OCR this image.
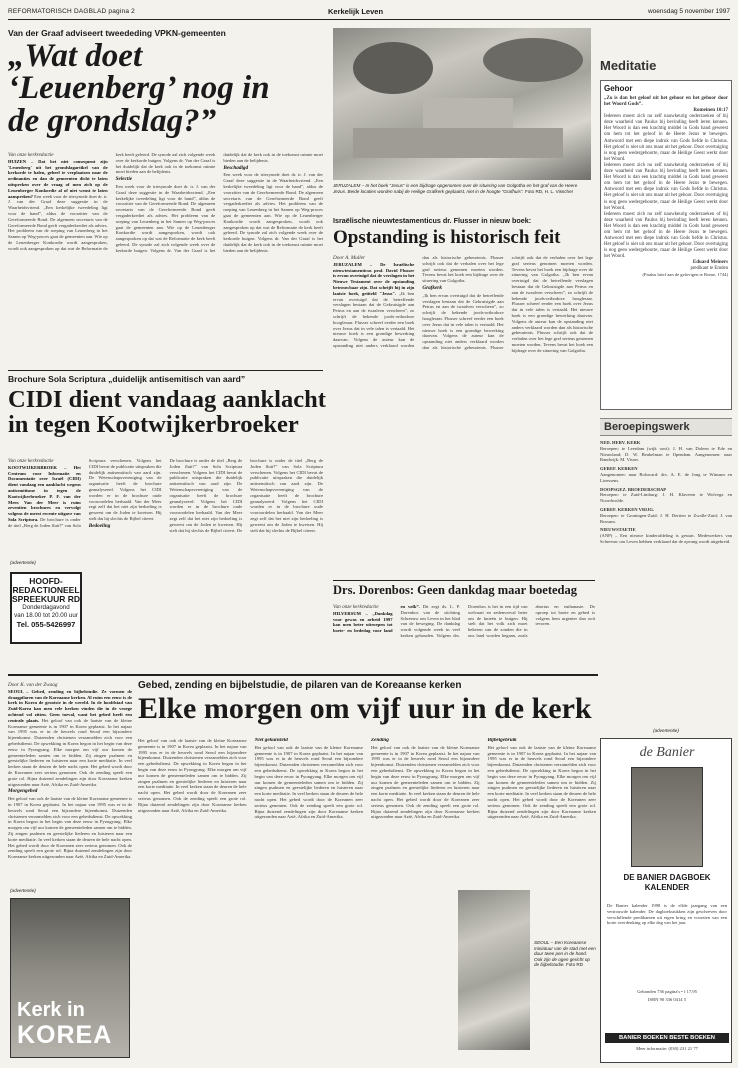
REFORMATORISCH DAGBLAD pagina 2	Kerkelijk Leven	woensdag 5 november 1997
Van der Graaf adviseert tweededing VPKN-gemeenten
„Wat doet ‘Leuenberg’ nog in de grondslag?”
Van onze kerkredactie
HUIZEN – Dat het niet consequent zijn 'Leuenberg' uit het grondslagartikel van de kerkorde te halen, geheel te verplaatsen naar de ordinanties en dan de gemeenten dicht te laten uitspreken over de vraag of men zich op de Leuenberger Konkordie al of niet wenst te laten aanspreken? Een week voor de triesynode doet dr. ir. J. van der Graaf deze suggestie in de Waarheidsvriend. „Een kerkelijke tweedeling ligt voor de hand”, aldus de voorzitter van de Gereformeerde Bond. De algemeen secretaris van de Gereformeerde Bond geeft vergaderkrediet als advies. Het probleem van de roeping van Leuenberg in het Samen op Weg-proces gaat de gemeenten aan. Wie op de Leuenberger Konkordie wordt aangesproken, wordt ook aangesproken op dat wat de Reformatie de kerk heeft geleerd. De synode zal zich volgende week over de kerkorde buigen. Volgens dr. Van der Graaf is het duidelijk dat de kerk ook in de toekomst ruimte moet bieden aan de belijdenis.
Selectie
Een week voor de triesynode doet dr. ir. J. van der Graaf deze suggestie in de Waarheidsvriend. „Een kerkelijke tweedeling ligt voor de hand”, aldus de voorzitter van de Gereformeerde Bond. De algemeen secretaris van de Gereformeerde Bond geeft vergaderkrediet als advies. Het probleem van de roeping van Leuenberg in het Samen op Weg-proces gaat de gemeenten aan. Wie op de Leuenberger Konkordie wordt aangesproken, wordt ook aangesproken op dat wat de Reformatie de kerk heeft geleerd. De synode zal zich volgende week over de kerkorde buigen. Volgens dr. Van der Graaf is het duidelijk dat de kerk ook in de toekomst ruimte moet bieden aan de belijdenis.
Beschadigd
Een week voor de triesynode doet dr. ir. J. van der Graaf deze suggestie in de Waarheidsvriend. „Een kerkelijke tweedeling ligt voor de hand”, aldus de voorzitter van de Gereformeerde Bond. De algemeen secretaris van de Gereformeerde Bond geeft vergaderkrediet als advies. Het probleem van de roeping van Leuenberg in het Samen op Weg-proces gaat de gemeenten aan. Wie op de Leuenberger Konkordie wordt aangesproken, wordt ook aangesproken op dat wat de Reformatie de kerk heeft geleerd. De synode zal zich volgende week over de kerkorde buigen. Volgens dr. Van der Graaf is het duidelijk dat de kerk ook in de toekomst ruimte moet bieden aan de belijdenis.
JERUZALEM – In het boek "Jesus" is een bijdrage opgenomen over de situering van Golgotha en het graf van de Heere Jezus. Beide locaties worden nabij de Heilige Grafkerk geplaatst, niet in de hoogte "Grafhuis". Foto RD, H. L. Visscher
Israëlische nieuwtestamenticus dr. Flusser in nieuw boek:
Opstanding is historisch feit
Door A. Muller
JERUZALEM – De Israëlische nieuwtestamenticus prof. David Flusser is ervan overtuigd dat de verslagen in het Nieuwe Testament over de opstanding betrouwbaar zijn. Dat schrijft hij in zijn laatste boek, getiteld "Jesus". „Ik ben ervan overtuigd dat de betreffende verslagen bestaan dat de Gekruisigde aan Petrus en aan de twaalven verscheen”, zo schrijft de bekende joods-orthodoxe hoogleraar. Flusser schreef eerder een boek over Jezus dat in vele talen is vertaald. Het nieuwe boek is een grondige bewerking daarvan. Volgens de auteur kan de opstanding niet anders verklaard worden dan als historische gebeurtenis. Flusser schrijft ook dat de verhalen over het lege graf serieus genomen moeten worden. Tevens bevat het boek een bijdrage over de situering van Golgotha.
Grafkerk
„Ik ben ervan overtuigd dat de betreffende verslagen bestaan dat de Gekruisigde aan Petrus en aan de twaalven verscheen”, zo schrijft de bekende joods-orthodoxe hoogleraar. Flusser schreef eerder een boek over Jezus dat in vele talen is vertaald. Het nieuwe boek is een grondige bewerking daarvan. Volgens de auteur kan de opstanding niet anders verklaard worden dan als historische gebeurtenis. Flusser schrijft ook dat de verhalen over het lege graf serieus genomen moeten worden. Tevens bevat het boek een bijdrage over de situering van Golgotha. „Ik ben ervan overtuigd dat de betreffende verslagen bestaan dat de Gekruisigde aan Petrus en aan de twaalven verscheen”, zo schrijft de bekende joods-orthodoxe hoogleraar. Flusser schreef eerder een boek over Jezus dat in vele talen is vertaald. Het nieuwe boek is een grondige bewerking daarvan. Volgens de auteur kan de opstanding niet anders verklaard worden dan als historische gebeurtenis. Flusser schrijft ook dat de verhalen over het lege graf serieus genomen moeten worden. Tevens bevat het boek een bijdrage over de situering van Golgotha.
Brochure Sola Scriptura „duidelijk antisemitisch van aard”
CIDI dient vandaag aanklacht in tegen Kootwijkerbroeker
Van onze kerkredactie
KOOTWIJKERBROEK – Het Centrum voor Informatie en Documentatie over Israël (CIDI) dient vandaag een aanklacht wegens antisemitisme in tegen de Kootwijkerbroeker P. F. van der Meer. Van der Meer is ruim zeventien brochures en vervolgt volgens de meest recente uitgave van Sola Scriptura. De brochure is onder de titel „Berg de Joden fluit?” van Sola Scriptura verschenen. Volgens het CIDI bevat de publicatie uitspraken die duidelijk antisemitisch van aard zijn. De Wetenschapsvereniging van de organisatie heeft de brochure geanalyseerd. Volgens het CIDI worden er in de brochure oude vooroordelen herhaald. Van der Meer zegt zelf dat het niet zijn bedoeling is geweest om de Joden te kwetsen. Hij stelt dat hij slechts de Bijbel citeert.
Bedoeling
De brochure is onder de titel „Berg de Joden fluit?” van Sola Scriptura verschenen. Volgens het CIDI bevat de publicatie uitspraken die duidelijk antisemitisch van aard zijn. De Wetenschapsvereniging van de organisatie heeft de brochure geanalyseerd. Volgens het CIDI worden er in de brochure oude vooroordelen herhaald. Van der Meer zegt zelf dat het niet zijn bedoeling is geweest om de Joden te kwetsen. Hij stelt dat hij slechts de Bijbel citeert. De brochure is onder de titel „Berg de Joden fluit?” van Sola Scriptura verschenen. Volgens het CIDI bevat de publicatie uitspraken die duidelijk antisemitisch van aard zijn. De Wetenschapsvereniging van de organisatie heeft de brochure geanalyseerd. Volgens het CIDI worden er in de brochure oude vooroordelen herhaald. Van der Meer zegt zelf dat het niet zijn bedoeling is geweest om de Joden te kwetsen. Hij stelt dat hij slechts de Bijbel citeert.
HOOFD-
REDACTIONEEL
SPREEKUUR RD
Donderdagavond
van 18.00 tot 20.00 uur
Tel. 055-5426997
(advertentie)
Drs. Dorenbos: Geen dankdag maar boetedag
Van onze kerkredactie
HILVERSUM – „Dankdag voor gewas en arbeid 1997 kan men beter uitroepen tot boete- en bededag voor land en volk”. Dit zegt ds. L. P. Dorenbos van de stichting Schreeuw om Leven in het blad van de beweging. De dankdag wordt volgende week in veel kerken gehouden. Volgens drs. Dorenbos is het in een tijd van welvaart en zedenverval beter om de knieën te buigen. Hij stelt dat het volk zich moet bekeren van de zonden die in ons land worden begaan, zoals abortus en euthanasie. De oproep tot boete en gebed is volgens hem urgenter dan ooit tevoren.
Meditatie
Gehoor
„Zo is dan het geloof uit het gehoor en het gehoor door het Woord Gods”.
Romeinen 10:17
Iedereen moest zich nu zelf nauwkeurig onderzoeken of hij deze waarheid van Paulus bij bevinding heeft leren kennen. Het Woord is dan een krachtig middel in Gods hand geweest om hem tot het geloof in de Heere Jezus te bewegen. Antwoord met een diepe indruk van Gods liefde in Christus. Het geloof is niet uit ons maar uit het gehoor. Door overtuiging is nog geen wedergeboorte, maar de Heilige Geest werkt door het Woord.
Iedereen moest zich nu zelf nauwkeurig onderzoeken of hij deze waarheid van Paulus bij bevinding heeft leren kennen. Het Woord is dan een krachtig middel in Gods hand geweest om hem tot het geloof in de Heere Jezus te bewegen. Antwoord met een diepe indruk van Gods liefde in Christus. Het geloof is niet uit ons maar uit het gehoor. Door overtuiging is nog geen wedergeboorte, maar de Heilige Geest werkt door het Woord.
Iedereen moest zich nu zelf nauwkeurig onderzoeken of hij deze waarheid van Paulus bij bevinding heeft leren kennen. Het Woord is dan een krachtig middel in Gods hand geweest om hem tot het geloof in de Heere Jezus te bewegen. Antwoord met een diepe indruk van Gods liefde in Christus. Het geloof is niet uit ons maar uit het gehoor. Door overtuiging is nog geen wedergeboorte, maar de Heilige Geest werkt door het Woord.
Eduard Meiners
predikant te Emden
(Paulus brief aan de gelovigen te Rome, 1744)
Beroepingswerk
NED. HERV. KERK
Beroepen: te Leerdam (wijk oost): J. H. van Doleen te Ede en Nieuwland; D. W. Beukelman te Ilpendam. Aangenomen: naar Randwijk: M. Visser.
GEREF. KERKEN
Aangenomen: naar Bolsward: drs. A. E. de Jong te Winsum en Lioessens.
DOOPSGEZ. BROEDERSCHAP
Beroepen: te Zuid-Limburg: J. H. Klaveren te Wolvega en Noordwolde.
GEREF. KERKEN VRIJG.
Beroepen: te Groningen-Zuid: J. H. Dertien te Zwolle-Zuid; J. van Rossum.
NIEUWSTAETIE
(ANP) – Een nieuwe kinderafdeling is gestart. Medewerkers van Schreeuw om Leven hebben verklaard dat de opvang wordt uitgebreid.
Gebed, zending en bijbelstudie, de pilaren van de Koreaanse kerken
Elke morgen om vijf uur in de kerk
Door K. van der Zwaag
SEOUL – Gebed, zending en bijbelstudie. Ze vormen de draagpilaren van de Koreaanse kerken. Al ruim een eeuw is de kerk in Korea de grootste in de wereld. In de hoofdstad van Zuid-Korea kan men vele kerken vinden die in de vroege ochtend vol zitten. Geen toeval, want het gebed heeft een centrale plaats. Het geloof van ook de laatste van de kleine Koreaanse gemeente is in 1907 in Korea geplaatst. In het najaar van 1995 was er in de heuvels rond Seoul een bijzondere bijeenkomst. Duizenden christenen verzamelden zich voor een gebedsdienst. De opwekking in Korea begon in het begin van deze eeuw in Pyongyang. Elke morgen om vijf uur komen de gemeenteleden samen om te bidden. Zij zingen psalmen en geestelijke liederen en luisteren naar een korte meditatie. In veel kerken staan de deuren de hele nacht open. Het gebed wordt door de Koreanen zeer serieus genomen. Ook de zending speelt een grote rol. Bijna duizend zendelingen zijn door Koreaanse kerken uitgezonden naar Azië, Afrika en Zuid-Amerika.
Morgengebed
Het geloof van ook de laatste van de kleine Koreaanse gemeente is in 1907 in Korea geplaatst. In het najaar van 1995 was er in de heuvels rond Seoul een bijzondere bijeenkomst. Duizenden christenen verzamelden zich voor een gebedsdienst. De opwekking in Korea begon in het begin van deze eeuw in Pyongyang. Elke morgen om vijf uur komen de gemeenteleden samen om te bidden. Zij zingen psalmen en geestelijke liederen en luisteren naar een korte meditatie. In veel kerken staan de deuren de hele nacht open. Het gebed wordt door de Koreanen zeer serieus genomen. Ook de zending speelt een grote rol. Bijna duizend zendelingen zijn door Koreaanse kerken uitgezonden naar Azië, Afrika en Zuid-Amerika.
Het geloof van ook de laatste van de kleine Koreaanse gemeente is in 1907 in Korea geplaatst. In het najaar van 1995 was er in de heuvels rond Seoul een bijzondere bijeenkomst. Duizenden christenen verzamelden zich voor een gebedsdienst. De opwekking in Korea begon in het begin van deze eeuw in Pyongyang. Elke morgen om vijf uur komen de gemeenteleden samen om te bidden. Zij zingen psalmen en geestelijke liederen en luisteren naar een korte meditatie. In veel kerken staan de deuren de hele nacht open. Het gebed wordt door de Koreanen zeer serieus genomen. Ook de zending speelt een grote rol. Bijna duizend zendelingen zijn door Koreaanse kerken uitgezonden naar Azië, Afrika en Zuid-Amerika.
Niet gekunsteld
Het geloof van ook de laatste van de kleine Koreaanse gemeente is in 1907 in Korea geplaatst. In het najaar van 1995 was er in de heuvels rond Seoul een bijzondere bijeenkomst. Duizenden christenen verzamelden zich voor een gebedsdienst. De opwekking in Korea begon in het begin van deze eeuw in Pyongyang. Elke morgen om vijf uur komen de gemeenteleden samen om te bidden. Zij zingen psalmen en geestelijke liederen en luisteren naar een korte meditatie. In veel kerken staan de deuren de hele nacht open. Het gebed wordt door de Koreanen zeer serieus genomen. Ook de zending speelt een grote rol. Bijna duizend zendelingen zijn door Koreaanse kerken uitgezonden naar Azië, Afrika en Zuid-Amerika.
Zending
Het geloof van ook de laatste van de kleine Koreaanse gemeente is in 1907 in Korea geplaatst. In het najaar van 1995 was er in de heuvels rond Seoul een bijzondere bijeenkomst. Duizenden christenen verzamelden zich voor een gebedsdienst. De opwekking in Korea begon in het begin van deze eeuw in Pyongyang. Elke morgen om vijf uur komen de gemeenteleden samen om te bidden. Zij zingen psalmen en geestelijke liederen en luisteren naar een korte meditatie. In veel kerken staan de deuren de hele nacht open. Het gebed wordt door de Koreanen zeer serieus genomen. Ook de zending speelt een grote rol. Bijna duizend zendelingen zijn door Koreaanse kerken uitgezonden naar Azië, Afrika en Zuid-Amerika.
Bijbelgebruik
Het geloof van ook de laatste van de kleine Koreaanse gemeente is in 1907 in Korea geplaatst. In het najaar van 1995 was er in de heuvels rond Seoul een bijzondere bijeenkomst. Duizenden christenen verzamelden zich voor een gebedsdienst. De opwekking in Korea begon in het begin van deze eeuw in Pyongyang. Elke morgen om vijf uur komen de gemeenteleden samen om te bidden. Zij zingen psalmen en geestelijke liederen en luisteren naar een korte meditatie. In veel kerken staan de deuren de hele nacht open. Het gebed wordt door de Koreanen zeer serieus genomen. Ook de zending speelt een grote rol. Bijna duizend zendelingen zijn door Koreaanse kerken uitgezonden naar Azië, Afrika en Zuid-Amerika.
(advertentie)
Kerk in
KOREA
SEOUL – Een Koreaanse miniatuur van de stad met een duur twee pen in de hand. Ook zijn de ogen gericht op de bijbelstudie. Foto RD
(advertentie)
de Banier
DE BANIER DAGBOEK KALENDER
De Banier kalender 1998 is de elfde jaargang van een vertrouwde kalender. De dagboekstukken zijn geschreven door verschillende predikanten uit eigen kring en voorzien van een korte overdenking op elke dag van het jaar.
Gebonden 736 pagina's • f 17,95
ISBN 90 336 0414 5
BANIER BOEKEN BESTE BOEKEN
Meer informatie: (030) 231 21 77
